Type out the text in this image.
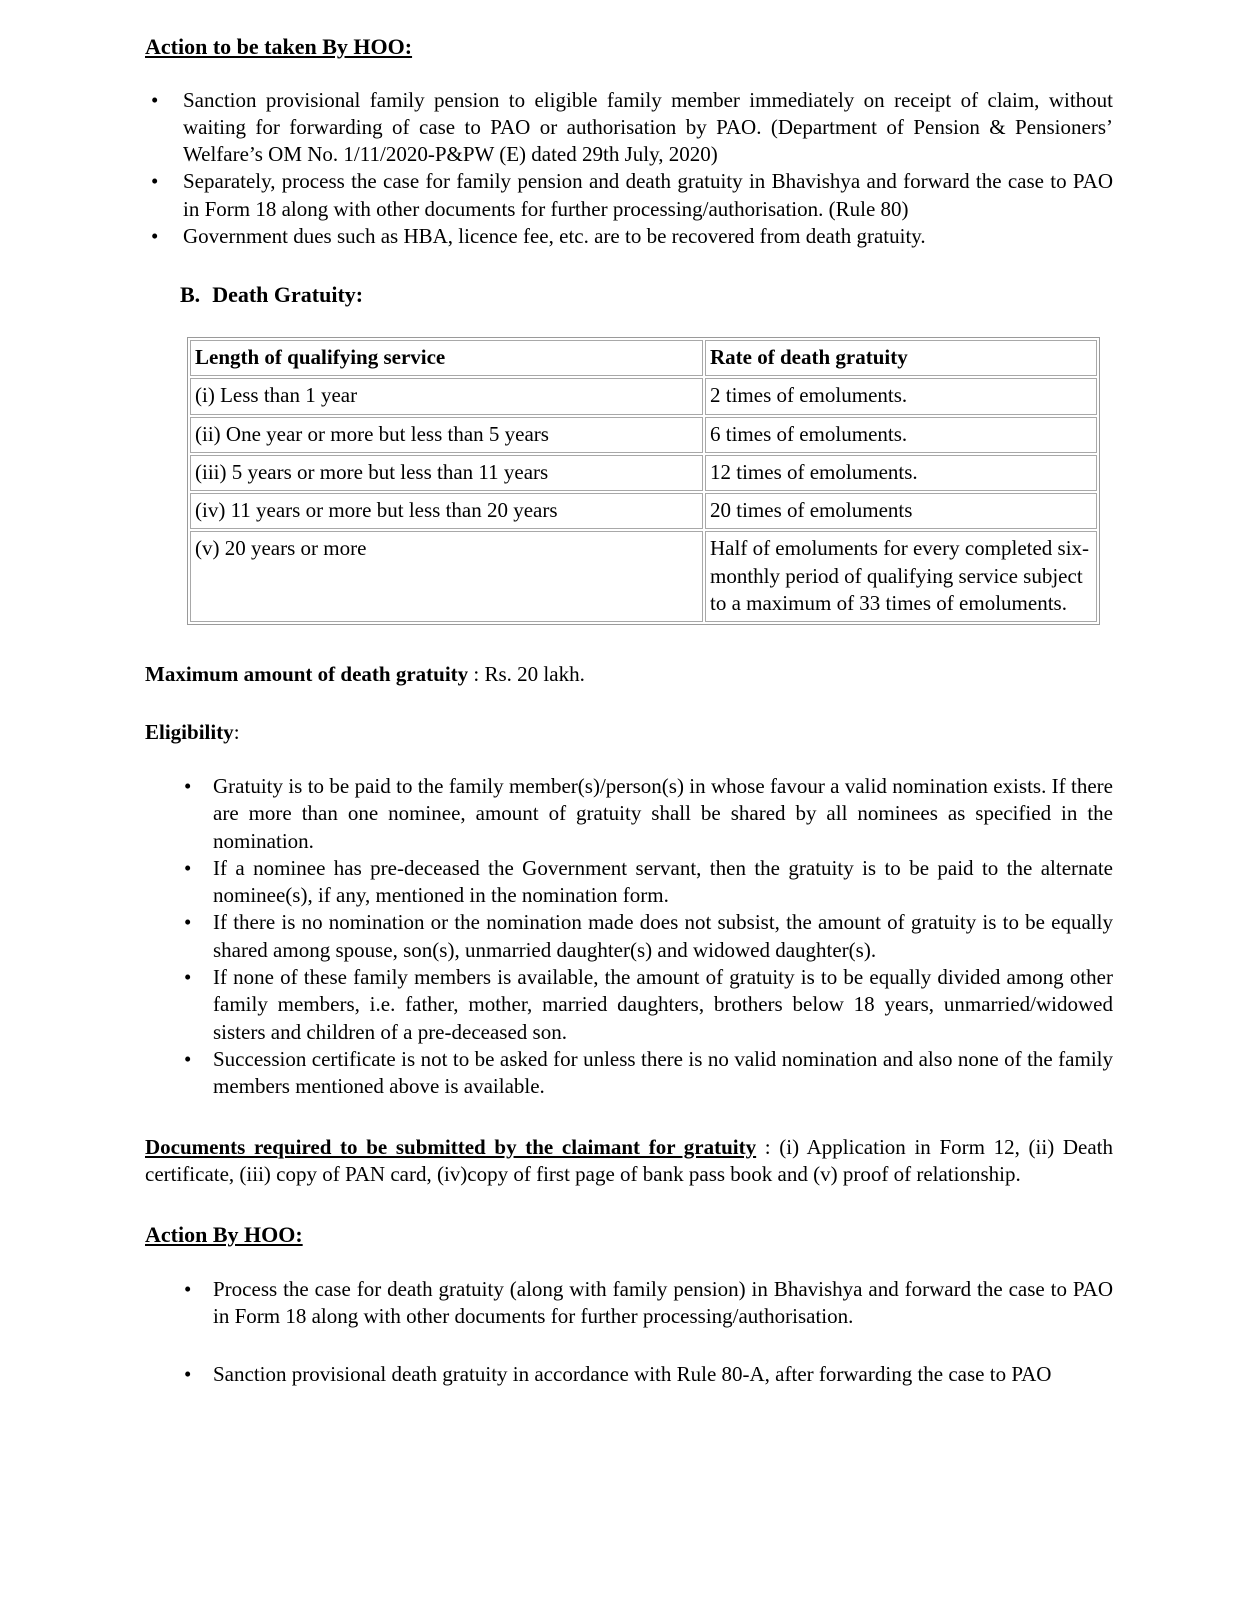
Action to be taken By HOO:
• Sanction provisional family pension to eligible family member immediately on receipt of claim, without waiting for forwarding of case to PAO or authorisation by PAO. (Department of Pension & Pensioners’ Welfare’s OM No. 1/11/2020-P&PW (E) dated 29th July, 2020)
• Separately, process the case for family pension and death gratuity in Bhavishya and forward the case to PAO in Form 18 along with other documents for further processing/authorisation. (Rule 80)
• Government dues such as HBA, licence fee, etc. are to be recovered from death gratuity.
B. Death Gratuity:
Length of qualifying service	Rate of death gratuity
(i) Less than 1 year	2 times of emoluments.
(ii) One year or more but less than 5 years	6 times of emoluments.
(iii) 5 years or more but less than 11 years	12 times of emoluments.
(iv) 11 years or more but less than 20 years	20 times of emoluments
(v) 20 years or more	Half of emoluments for every completed six-monthly period of qualifying service subject to a maximum of 33 times of emoluments.

Maximum amount of death gratuity : Rs. 20 lakh.

Eligibility:

• Gratuity is to be paid to the family member(s)/person(s) in whose favour a valid nomination exists. If there are more than one nominee, amount of gratuity shall be shared by all nominees as specified in the nomination.
• If a nominee has pre-deceased the Government servant, then the gratuity is to be paid to the alternate nominee(s), if any, mentioned in the nomination form.
• If there is no nomination or the nomination made does not subsist, the amount of gratuity is to be equally shared among spouse, son(s), unmarried daughter(s) and widowed daughter(s).
• If none of these family members is available, the amount of gratuity is to be equally divided among other family members, i.e. father, mother, married daughters, brothers below 18 years, unmarried/widowed sisters and children of a pre-deceased son.
• Succession certificate is not to be asked for unless there is no valid nomination and also none of the family members mentioned above is available.

Documents required to be submitted by the claimant for gratuity : (i) Application in Form 12, (ii) Death certificate, (iii) copy of PAN card, (iv)copy of first page of bank pass book and (v) proof of relationship.

Action By HOO:
• Process the case for death gratuity (along with family pension) in Bhavishya and forward the case to PAO in Form 18 along with other documents for further processing/authorisation.
• Sanction provisional death gratuity in accordance with Rule 80-A, after forwarding the case to PAO
